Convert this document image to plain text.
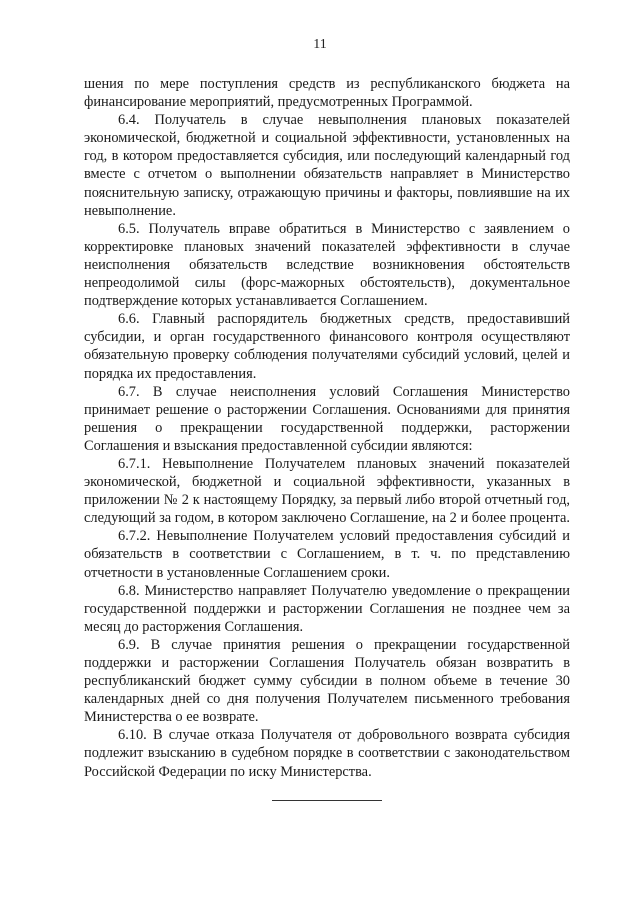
11

шения по мере поступления средств из республиканского бюджета на финансирование мероприятий, предусмотренных Программой.

6.4. Получатель в случае невыполнения плановых показателей экономической, бюджетной и социальной эффективности, установленных на год, в котором предоставляется субсидия, или последующий календарный год вместе с отчетом о выполнении обязательств направляет в Министерство пояснительную записку, отражающую причины и факторы, повлиявшие на их невыполнение.

6.5. Получатель вправе обратиться в Министерство с заявлением о корректировке плановых значений показателей эффективности в случае неисполнения обязательств вследствие возникновения обстоятельств непреодолимой силы (форс-мажорных обстоятельств), документальное подтверждение которых устанавливается Соглашением.

6.6. Главный распорядитель бюджетных средств, предоставивший субсидии, и орган государственного финансового контроля осуществляют обязательную проверку соблюдения получателями субсидий условий, целей и порядка их предоставления.

6.7. В случае неисполнения условий Соглашения Министерство принимает решение о расторжении Соглашения. Основаниями для принятия решения о прекращении государственной поддержки, расторжении Соглашения и взыскания предоставленной субсидии являются:

6.7.1. Невыполнение Получателем плановых значений показателей экономической, бюджетной и социальной эффективности, указанных в приложении № 2 к настоящему Порядку, за первый либо второй отчетный год, следующий за годом, в котором заключено Соглашение, на 2 и более процента.

6.7.2. Невыполнение Получателем условий предоставления субсидий и обязательств в соответствии с Соглашением, в т. ч. по представлению отчетности в установленные Соглашением сроки.

6.8. Министерство направляет Получателю уведомление о прекращении государственной поддержки и расторжении Соглашения не позднее чем за месяц до расторжения Соглашения.

6.9. В случае принятия решения о прекращении государственной поддержки и расторжении Соглашения Получатель обязан возвратить в республиканский бюджет сумму субсидии в полном объеме в течение 30 календарных дней со дня получения Получателем письменного требования Министерства о ее возврате.

6.10. В случае отказа Получателя от добровольного возврата субсидия подлежит взысканию в судебном порядке в соответствии с законодательством Российской Федерации по иску Министерства.
